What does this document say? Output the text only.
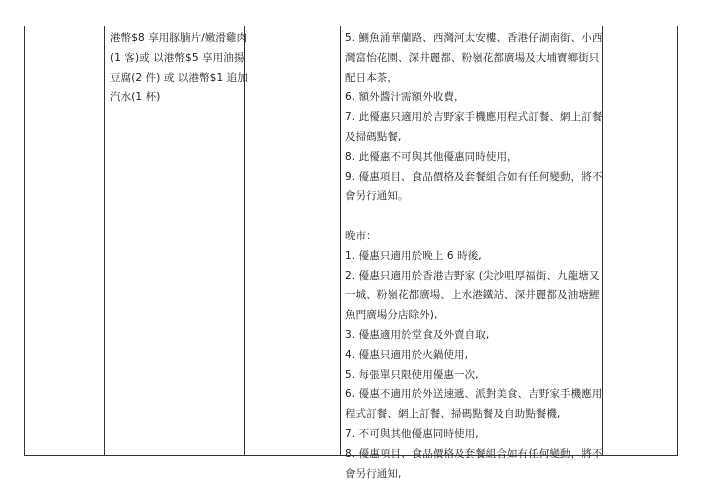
港幣$8 享用豚腩片/嫩滑雞肉
(1 客)或 以港幣$5 享用油揚
豆腐(2 件) 或 以港幣$1 追加
汽水(1 杯)
5. 鰂魚涌華蘭路、西灣河太安樓、香港仔湖南街、小西
灣富怡花園、深井麗都、粉嶺花都廣場及大埔寶鄉街只
配日本茶，
6. 額外醬汁需額外收費，
7. 此優惠只適用於吉野家手機應用程式訂餐、網上訂餐
及掃碼點餐,
8. 此優惠不可與其他優惠同時使用，
9. 優惠項目、食品價格及套餐組合如有任何變動，將不
會另行通知。
晚市：
1. 優惠只適用於晚上 6 時後,
2. 優惠只適用於香港吉野家 (尖沙咀厚福街、九龍塘又
一城、粉嶺花都廣場、上水港鐵站、深井麗都及油塘鯉
魚門廣場分店除外),
3. 優惠適用於堂食及外賣自取,
4. 優惠只適用於火鍋使用,
5. 每張單只限使用優惠一次,
6. 優惠不適用於外送速遞、派對美食、吉野家手機應用
程式訂餐、網上訂餐、掃碼點餐及自助點餐機,
7. 不可與其他優惠同時使用,
8. 優惠項目、食品價格及套餐組合如有任何變動，將不
會另行通知,
